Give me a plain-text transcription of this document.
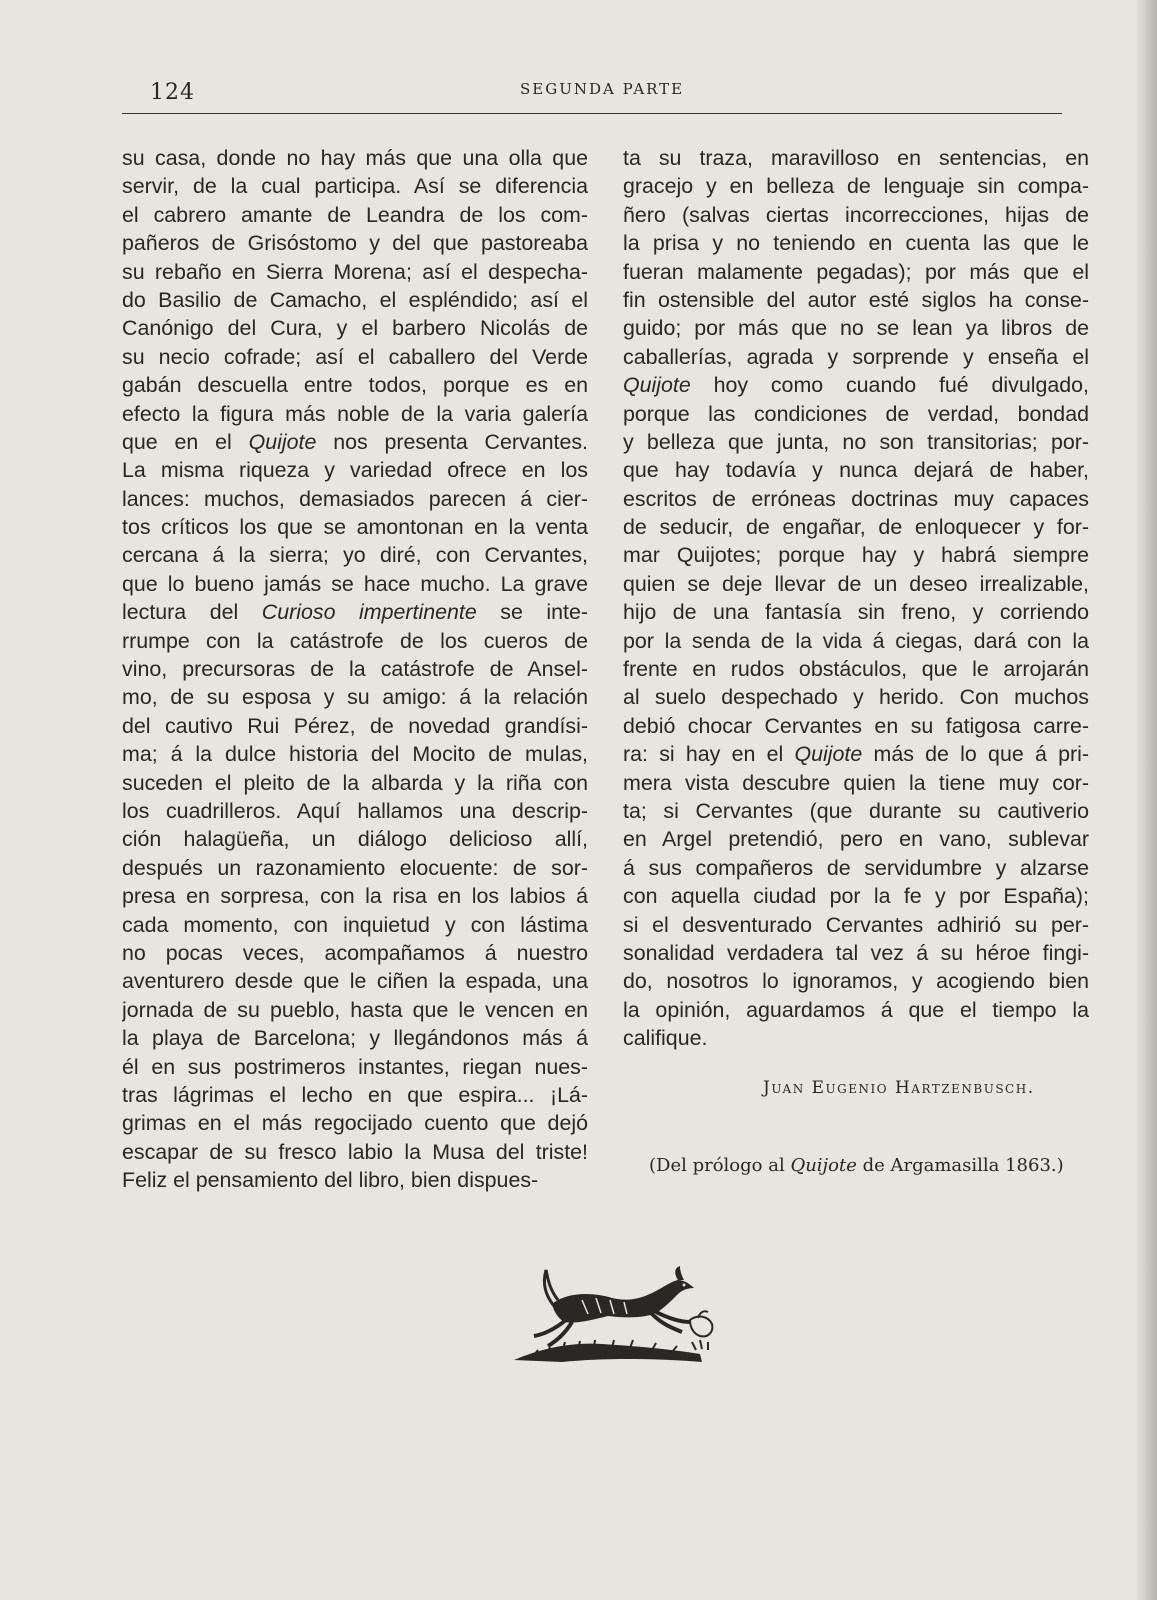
124	SEGUNDA PARTE
su casa, donde no hay más que una olla que
servir, de la cual participa. Así se diferencia
el cabrero amante de Leandra de los com-
pañeros de Grisóstomo y del que pastoreaba
su rebaño en Sierra Morena; así el despecha-
do Basilio de Camacho, el espléndido; así el
Canónigo del Cura, y el barbero Nicolás de
su necio cofrade; así el caballero del Verde
gabán descuella entre todos, porque es en
efecto la figura más noble de la varia galería
que en el Quijote nos presenta Cervantes.
La misma riqueza y variedad ofrece en los
lances: muchos, demasiados parecen á cier-
tos críticos los que se amontonan en la venta
cercana á la sierra; yo diré, con Cervantes,
que lo bueno jamás se hace mucho. La grave
lectura del Curioso impertinente se inte-
rrumpe con la catástrofe de los cueros de
vino, precursoras de la catástrofe de Ansel-
mo, de su esposa y su amigo: á la relación
del cautivo Rui Pérez, de novedad grandísi-
ma; á la dulce historia del Mocito de mulas,
suceden el pleito de la albarda y la riña con
los cuadrilleros. Aquí hallamos una descrip-
ción halagüeña, un diálogo delicioso allí,
después un razonamiento elocuente: de sor-
presa en sorpresa, con la risa en los labios á
cada momento, con inquietud y con lástima
no pocas veces, acompañamos á nuestro
aventurero desde que le ciñen la espada, una
jornada de su pueblo, hasta que le vencen en
la playa de Barcelona; y llegándonos más á
él en sus postrimeros instantes, riegan nues-
tras lágrimas el lecho en que espira... ¡Lá-
grimas en el más regocijado cuento que dejó
escapar de su fresco labio la Musa del triste!
Feliz el pensamiento del libro, bien dispues-
ta su traza, maravilloso en sentencias, en
gracejo y en belleza de lenguaje sin compa-
ñero (salvas ciertas incorrecciones, hijas de
la prisa y no teniendo en cuenta las que le
fueran malamente pegadas); por más que el
fin ostensible del autor esté siglos ha conse-
guido; por más que no se lean ya libros de
caballerías, agrada y sorprende y enseña el
Quijote hoy como cuando fué divulgado,
porque las condiciones de verdad, bondad
y belleza que junta, no son transitorias; por-
que hay todavía y nunca dejará de haber,
escritos de erróneas doctrinas muy capaces
de seducir, de engañar, de enloquecer y for-
mar Quijotes; porque hay y habrá siempre
quien se deje llevar de un deseo irrealizable,
hijo de una fantasía sin freno, y corriendo
por la senda de la vida á ciegas, dará con la
frente en rudos obstáculos, que le arrojarán
al suelo despechado y herido. Con muchos
debió chocar Cervantes en su fatigosa carre-
ra: si hay en el Quijote más de lo que á pri-
mera vista descubre quien la tiene muy cor-
ta; si Cervantes (que durante su cautiverio
en Argel pretendió, pero en vano, sublevar
á sus compañeros de servidumbre y alzarse
con aquella ciudad por la fe y por España);
si el desventurado Cervantes adhirió su per-
sonalidad verdadera tal vez á su héroe fingi-
do, nosotros lo ignoramos, y acogiendo bien
la opinión, aguardamos á que el tiempo la
califique.
Juan Eugenio Hartzenbusch.
(Del prólogo al Quijote de Argamasilla 1863.)
